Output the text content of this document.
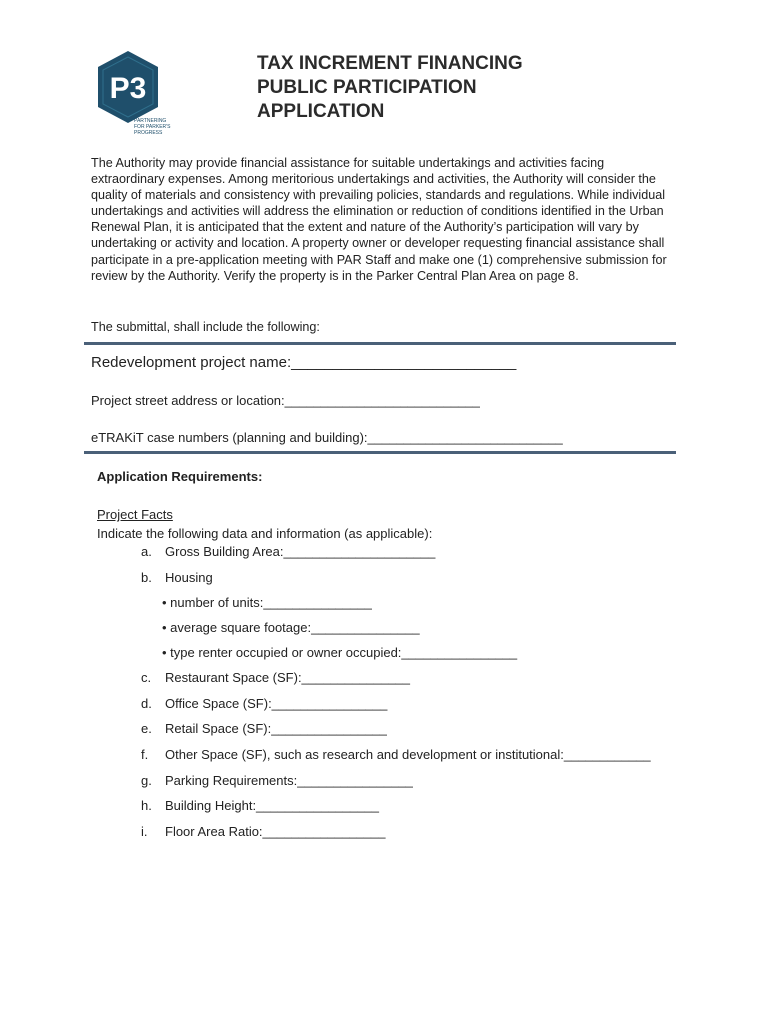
P3
PARTNERING
FOR PARKER'S
PROGRESS
TAX INCREMENT FINANCING
PUBLIC PARTICIPATION
APPLICATION

The Authority may provide financial assistance for suitable undertakings and activities facing extraordinary expenses. Among meritorious undertakings and activities, the Authority will consider the quality of materials and consistency with prevailing policies, standards and regulations. While individual undertakings and activities will address the elimination or reduction of conditions identified in the Urban Renewal Plan, it is anticipated that the extent and nature of the Authority’s participation will vary by undertaking or activity and location. A property owner or developer requesting financial assistance shall participate in a pre-application meeting with PAR Staff and make one (1) comprehensive submission for review by the Authority. Verify the property is in the Parker Central Plan Area on page 8.

The submittal, shall include the following:
Redevelopment project name:___________________________
Project street address or location:___________________________
eTRAKiT case numbers (planning and building):___________________________
Application Requirements:
Project Facts
Indicate the following data and information (as applicable):
a. Gross Building Area:_____________________
b. Housing
• number of units:_______________
• average square footage:_______________
• type renter occupied or owner occupied:________________
c. Restaurant Space (SF):_______________
d. Office Space (SF):________________
e. Retail Space (SF):________________
f. Other Space (SF), such as research and development or institutional:____________
g. Parking Requirements:________________
h. Building Height:_________________
i. Floor Area Ratio:_________________
